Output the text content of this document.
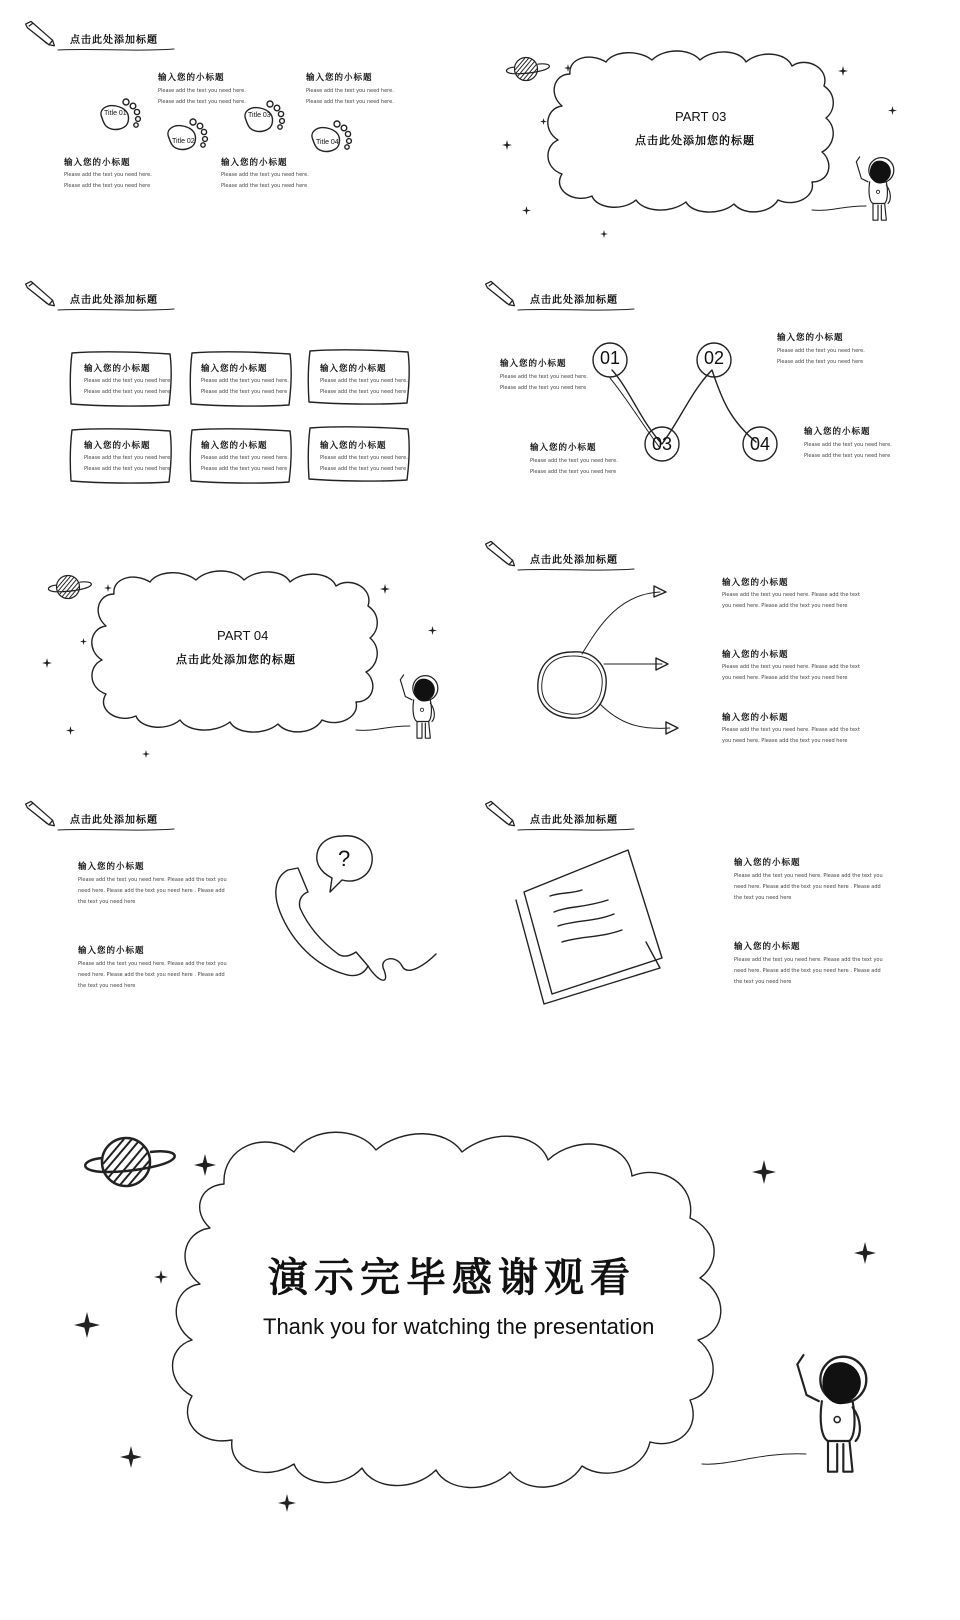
点击此处添加标题
输入您的小标题
Please add the text you need here.
Please add the text you need here.
输入您的小标题
Please add the text you need here.
Please add the text you need here.
输入您的小标题
Please add the text you need here.
Please add the text you need here
输入您的小标题
Please add the text you need here.
Please add the text you need here
Title 01
Title 02
Title 03
Title 04
PART 03
点击此处添加您的标题
点击此处添加标题
输入您的小标题
Please add the text you need here.
Please add the text you need here
输入您的小标题
Please add the text you need here.
Please add the text you need here
输入您的小标题
Please add the text you need here.
Please add the text you need here
输入您的小标题
Please add the text you need here.
Please add the text you need here
输入您的小标题
Please add the text you need here.
Please add the text you need here
输入您的小标题
Please add the text you need here.
Please add the text you need here
点击此处添加标题
01	02
03	04
输入您的小标题
Please add the text you need here.
Please add the text you need here
输入您的小标题
Please add the text you need here.
Please add the text you need here
输入您的小标题
Please add the text you need here.
Please add the text you need here
输入您的小标题
Please add the text you need here.
Please add the text you need here
PART 04
点击此处添加您的标题
点击此处添加标题
输入您的小标题
Please add the text you need here. Please add the text
you need here. Please add the text you need here
输入您的小标题
Please add the text you need here. Please add the text
you need here. Please add the text you need here
输入您的小标题
Please add the text you need here. Please add the text
you need here. Please add the text you need here
点击此处添加标题
输入您的小标题
Please add the text you need here. Please add the text you
need here. Please add the text you need here . Please add
the text you need here
输入您的小标题
Please add the text you need here. Please add the text you
need here. Please add the text you need here . Please add
the text you need here
?
点击此处添加标题
输入您的小标题
Please add the text you need here. Please add the text you
need here. Please add the text you need here . Please add
the text you need here
输入您的小标题
Please add the text you need here. Please add the text you
need here. Please add the text you need here . Please add
the text you need here
演示完毕感谢观看
Thank you for watching the presentation
